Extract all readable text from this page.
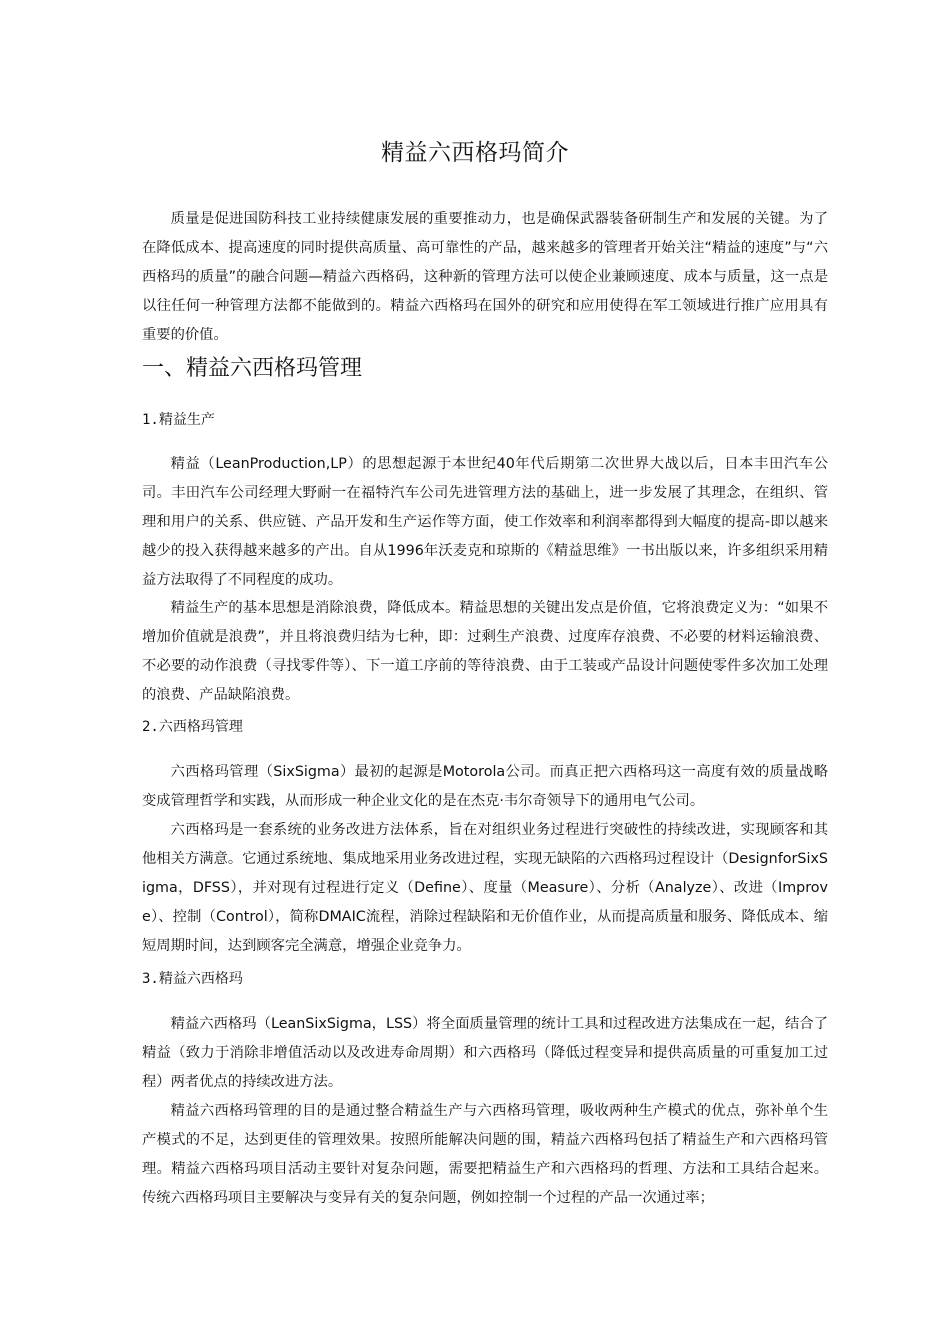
精益六西格玛简介

质量是促进国防科技工业持续健康发展的重要推动力，也是确保武器装备研制生产和发展的关键。为了在降低成本、提高速度的同时提供高质量、高可靠性的产品，越来越多的管理者开始关注“精益的速度”与“六西格玛的质量”的融合问题—精益六西格码，这种新的管理方法可以使企业兼顾速度、成本与质量，这一点是以往任何一种管理方法都不能做到的。精益六西格玛在国外的研究和应用使得在军工领域进行推广应用具有重要的价值。

一、精益六西格玛管理
1.精益生产

精益（LeanProduction,LP）的思想起源于本世纪40年代后期第二次世界大战以后，日本丰田汽车公司。丰田汽车公司经理大野耐一在福特汽车公司先进管理方法的基础上，进一步发展了其理念，在组织、管理和用户的关系、供应链、产品开发和生产运作等方面，使工作效率和利润率都得到大幅度的提高-即以越来越少的投入获得越来越多的产出。自从1996年沃麦克和琼斯的《精益思维》一书出版以来，许多组织采用精益方法取得了不同程度的成功。

精益生产的基本思想是消除浪费，降低成本。精益思想的关键出发点是价值，它将浪费定义为：“如果不增加价值就是浪费”，并且将浪费归结为七种，即：过剩生产浪费、过度库存浪费、不必要的材料运输浪费、不必要的动作浪费（寻找零件等）、下一道工序前的等待浪费、由于工装或产品设计问题使零件多次加工处理的浪费、产品缺陷浪费。

2.六西格玛管理

六西格玛管理（SixSigma）最初的起源是Motorola公司。而真正把六西格玛这一高度有效的质量战略变成管理哲学和实践，从而形成一种企业文化的是在杰克·韦尔奇领导下的通用电气公司。

六西格玛是一套系统的业务改进方法体系，旨在对组织业务过程进行突破性的持续改进，实现顾客和其他相关方满意。它通过系统地、集成地采用业务改进过程，实现无缺陷的六西格玛过程设计（DesignforSixSigma，DFSS），并对现有过程进行定义（Define）、度量（Measure）、分析（Analyze）、改进（Improve）、控制（Control），简称DMAIC流程，消除过程缺陷和无价值作业，从而提高质量和服务、降低成本、缩短周期时间，达到顾客完全满意，增强企业竞争力。

3.精益六西格玛

精益六西格玛（LeanSixSigma，LSS）将全面质量管理的统计工具和过程改进方法集成在一起，结合了精益（致力于消除非增值活动以及改进寿命周期）和六西格玛（降低过程变异和提供高质量的可重复加工过程）两者优点的持续改进方法。

精益六西格玛管理的目的是通过整合精益生产与六西格玛管理，吸收两种生产模式的优点，弥补单个生产模式的不足，达到更佳的管理效果。按照所能解决问题的围，精益六西格玛包括了精益生产和六西格玛管理。精益六西格玛项目活动主要针对复杂问题，需要把精益生产和六西格玛的哲理、方法和工具结合起来。传统六西格玛项目主要解决与变异有关的复杂问题，例如控制一个过程的产品一次通过率；
